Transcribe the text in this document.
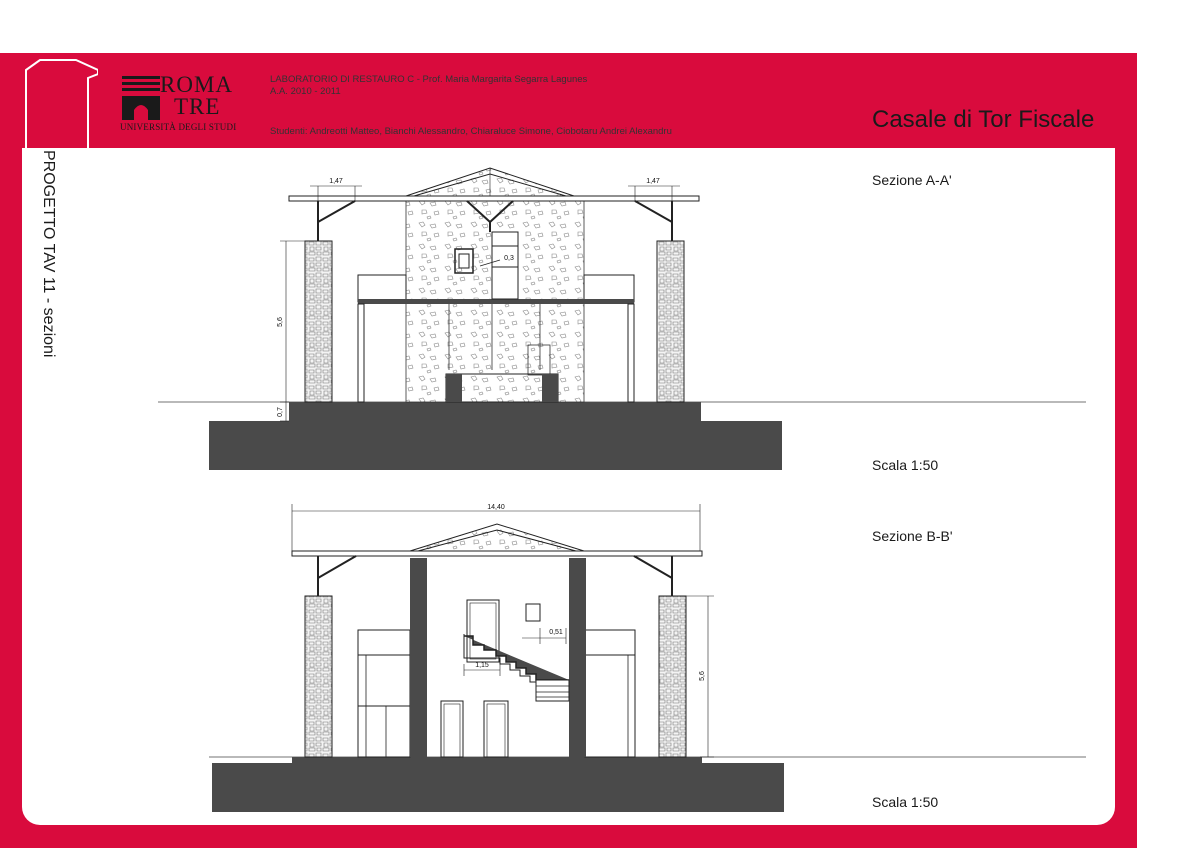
ROMA
TRE
UNIVERSITÀ DEGLI STUDI
LABORATORIO DI RESTAURO C - Prof. Maria Margarita Segarra Lagunes
A.A. 2010 - 2011
Studenti: Andreotti Matteo, Bianchi Alessandro, Chiaraluce Simone, Ciobotaru Andrei Alexandru	Casale di Tor Fiscale
PROGETTO TAV 11 - sezioni	1,47	1,47
0,3
5,6
0,7
14,40
0,51
1,15
5,6
Sezione A-A'
Scala 1:50
Sezione B-B'
Scala 1:50
